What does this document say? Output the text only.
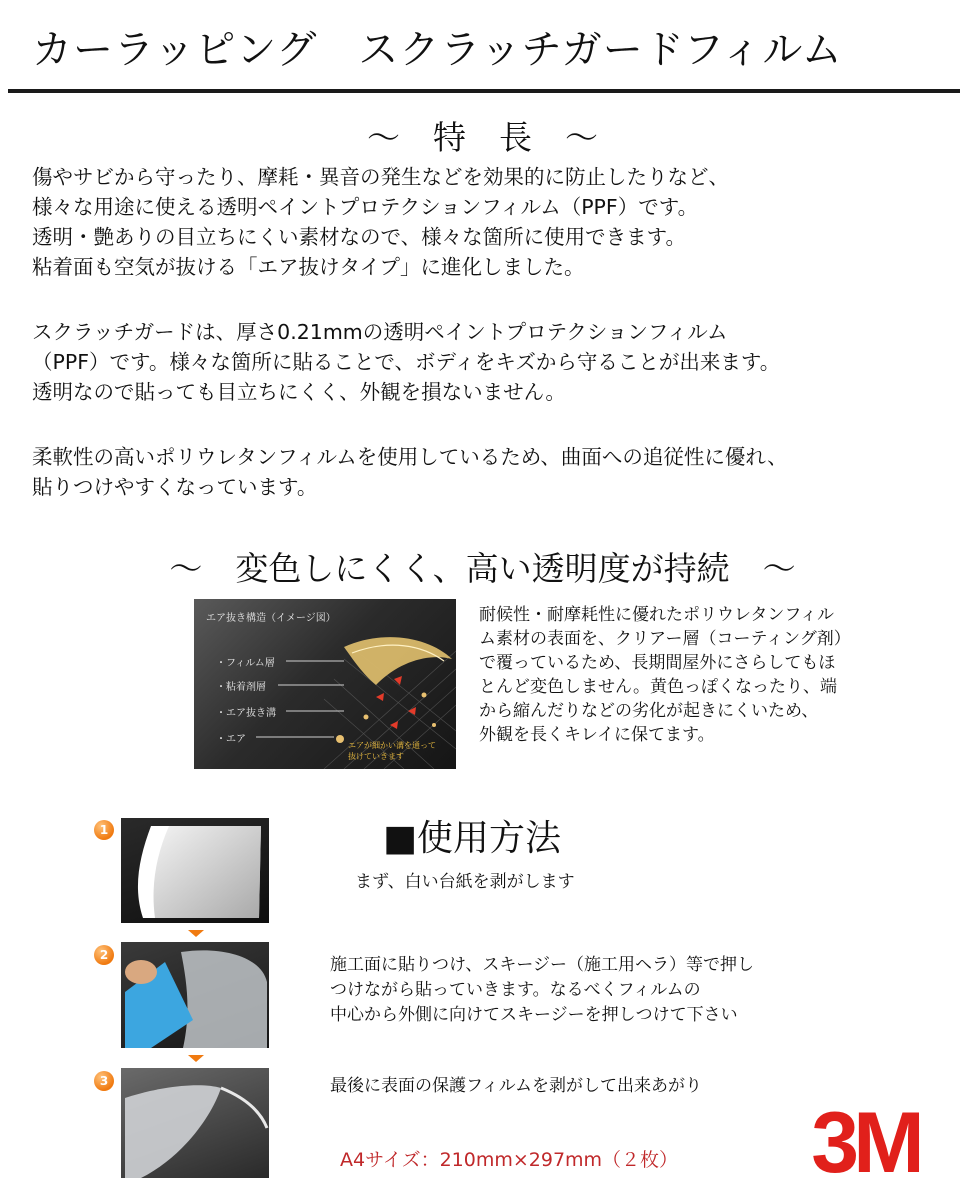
カーラッピング　スクラッチガードフィルム
～　特　長　～
傷やサビから守ったり、摩耗・異音の発生などを効果的に防止したりなど、
様々な用途に使える透明ペイントプロテクションフィルム（PPF）です。
透明・艶ありの目立ちにくい素材なので、様々な箇所に使用できます。
粘着面も空気が抜ける「エア抜けタイプ」に進化しました。
スクラッチガードは、厚さ0.21mmの透明ペイントプロテクションフィルム
（PPF）です。様々な箇所に貼ることで、ボディをキズから守ることが出来ます。
透明なので貼っても目立ちにくく、外観を損ないません。
柔軟性の高いポリウレタンフィルムを使用しているため、曲面への追従性に優れ、
貼りつけやすくなっています。
～　変色しにくく、高い透明度が持続　～
エア抜き構造（イメージ図）
・フィルム層
・粘着剤層
・エア抜き溝
・エア
エアが細かい溝を通って
抜けていきます
耐候性・耐摩耗性に優れたポリウレタンフィル
ム素材の表面を、クリアー層（コーティング剤）
で覆っているため、長期間屋外にさらしてもほ
とんど変色しません。黄色っぽくなったり、端
から縮んだりなどの劣化が起きにくいため、
外観を長くキレイに保てます。
■使用方法
1
まず、白い台紙を剥がします
2	施工面に貼りつけ、スキージー（施工用ヘラ）等で押し
つけながら貼っていきます。なるべくフィルムの
中心から外側に向けてスキージーを押しつけて下さい
3	最後に表面の保護フィルムを剥がして出来あがり
A4サイズ：210mm×297mm（２枚） 3M
